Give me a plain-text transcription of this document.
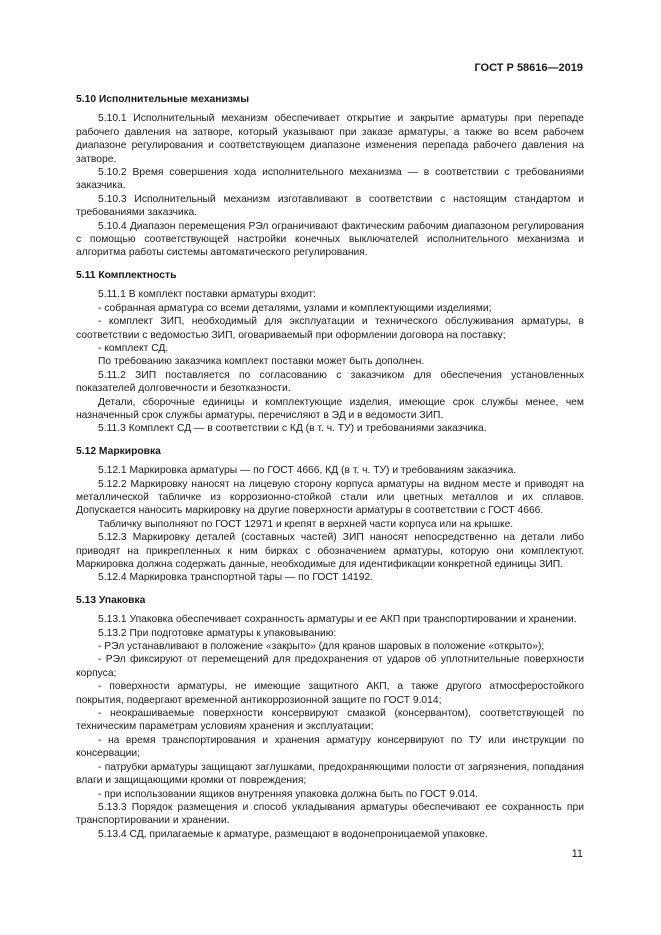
ГОСТ Р 58616—2019
5.10 Исполнительные механизмы

5.10.1 Исполнительный механизм обеспечивает открытие и закрытие арматуры при перепаде рабочего давления на затворе, который указывают при заказе арматуры, а также во всем рабочем диапазоне регулирования и соответствующем диапазоне изменения перепада рабочего давления на затворе.

5.10.2 Время совершения хода исполнительного механизма — в соответствии с требованиями заказчика.

5.10.3 Исполнительный механизм изготавливают в соответствии с настоящим стандартом и требованиями заказчика.

5.10.4 Диапазон перемещения РЭл ограничивают фактическим рабочим диапазоном регулирования с помощью соответствующей настройки конечных выключателей исполнительного механизма и алгоритма работы системы автоматического регулирования.

5.11 Комплектность

5.11.1 В комплект поставки арматуры входит:

- собранная арматура со всеми деталями, узлами и комплектующими изделиями;

- комплект ЗИП, необходимый для эксплуатации и технического обслуживания арматуры, в соответствии с ведомостью ЗИП, оговариваемый при оформлении договора на поставку;

- комплект СД.

По требованию заказчика комплект поставки может быть дополнен.

5.11.2 ЗИП поставляется по согласованию с заказчиком для обеспечения установленных показателей долговечности и безотказности.

Детали, сборочные единицы и комплектующие изделия, имеющие срок службы менее, чем назначенный срок службы арматуры, перечисляют в ЭД и в ведомости ЗИП.

5.11.3 Комплект СД — в соответствии с КД (в т. ч. ТУ) и требованиями заказчика.

5.12 Маркировка

5.12.1 Маркировка арматуры — по ГОСТ 4666, КД (в т. ч. ТУ) и требованиям заказчика.

5.12.2 Маркировку наносят на лицевую сторону корпуса арматуры на видном месте и приводят на металлической табличке из коррозионно-стойкой стали или цветных металлов и их сплавов. Допускается наносить маркировку на другие поверхности арматуры в соответствии с ГОСТ 4666.

Табличку выполняют по ГОСТ 12971 и крепят в верхней части корпуса или на крышке.

5.12.3 Маркировку деталей (составных частей) ЗИП наносят непосредственно на детали либо приводят на прикрепленных к ним бирках с обозначением арматуры, которую они комплектуют. Маркировка должна содержать данные, необходимые для идентификации конкретной единицы ЗИП.

5.12.4 Маркировка транспортной тары — по ГОСТ 14192.

5.13 Упаковка

5.13.1 Упаковка обеспечивает сохранность арматуры и ее АКП при транспортировании и хранении.

5.13.2 При подготовке арматуры к упаковыванию:

- РЭл устанавливают в положение «закрыто» (для кранов шаровых в положение «открыто»);

- РЭл фиксируют от перемещений для предохранения от ударов об уплотнительные поверхности корпуса;

- поверхности арматуры, не имеющие защитного АКП, а также другого атмосферостойкого покрытия, подвергают временной антикоррозионной защите по ГОСТ 9.014;

- неокрашиваемые поверхности консервируют смазкой (консервантом), соответствующей по техническим параметрам условиям хранения и эксплуатации;

- на время транспортирования и хранения арматуру консервируют по ТУ или инструкции по консервации;

- патрубки арматуры защищают заглушками, предохраняющими полости от загрязнения, попадания влаги и защищающими кромки от повреждения;

- при использовании ящиков внутренняя упаковка должна быть по ГОСТ 9.014.

5.13.3 Порядок размещения и способ укладывания арматуры обеспечивают ее сохранность при транспортировании и хранении.

5.13.4 СД, прилагаемые к арматуре, размещают в водонепроницаемой упаковке.

11
